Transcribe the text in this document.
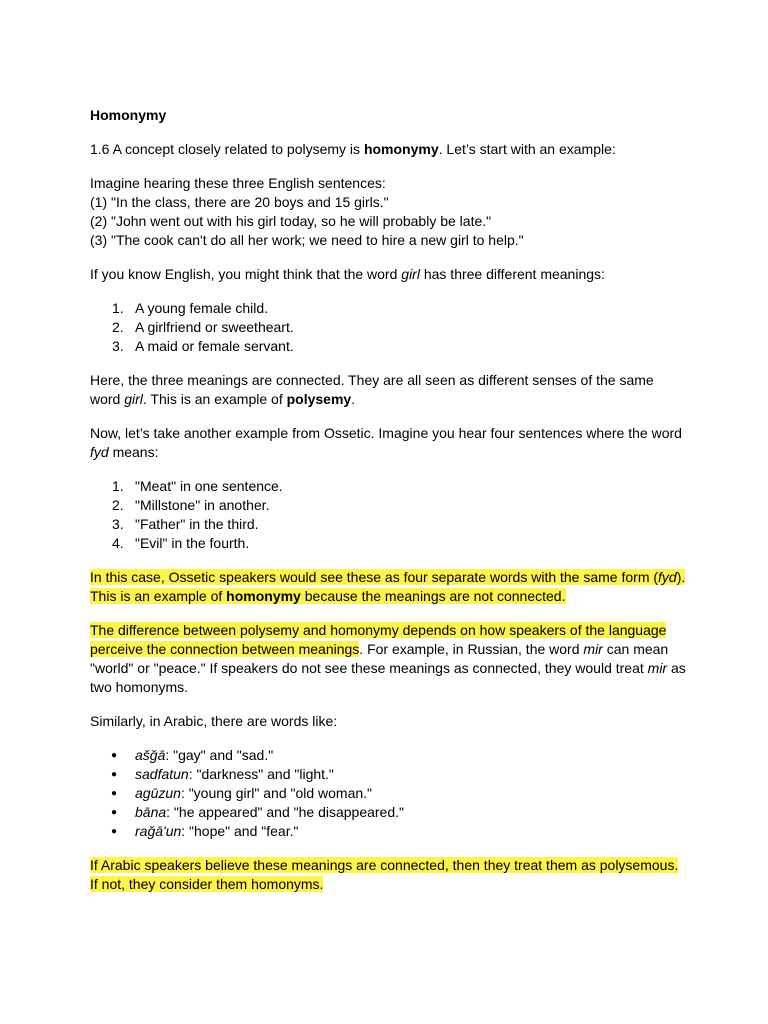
Homonymy

1.6 A concept closely related to polysemy is homonymy. Let’s start with an example:

Imagine hearing these three English sentences:
(1) "In the class, there are 20 boys and 15 girls."
(2) "John went out with his girl today, so he will probably be late."
(3) "The cook can't do all her work; we need to hire a new girl to help."

If you know English, you might think that the word girl has three different meanings:

1. A young female child.
2. A girlfriend or sweetheart.
3. A maid or female servant.

Here, the three meanings are connected. They are all seen as different senses of the same
word girl. This is an example of polysemy.

Now, let’s take another example from Ossetic. Imagine you hear four sentences where the word
fyd means:

1. "Meat" in one sentence.
2. "Millstone" in another.
3. "Father" in the third.
4. "Evil" in the fourth.

In this case, Ossetic speakers would see these as four separate words with the same form (fyd).
This is an example of homonymy because the meanings are not connected.

The difference between polysemy and homonymy depends on how speakers of the language
perceive the connection between meanings. For example, in Russian, the word mir can mean
"world" or "peace." If speakers do not see these meanings as connected, they would treat mir as
two homonyms.

Similarly, in Arabic, there are words like:

● ašǧā: "gay" and "sad."
● sadfatun: "darkness" and "light."
● agūzun: "young girl" and "old woman."
● bāna: "he appeared" and "he disappeared."
● raǧā'un: "hope" and "fear."

If Arabic speakers believe these meanings are connected, then they treat them as polysemous.
If not, they consider them homonyms.
